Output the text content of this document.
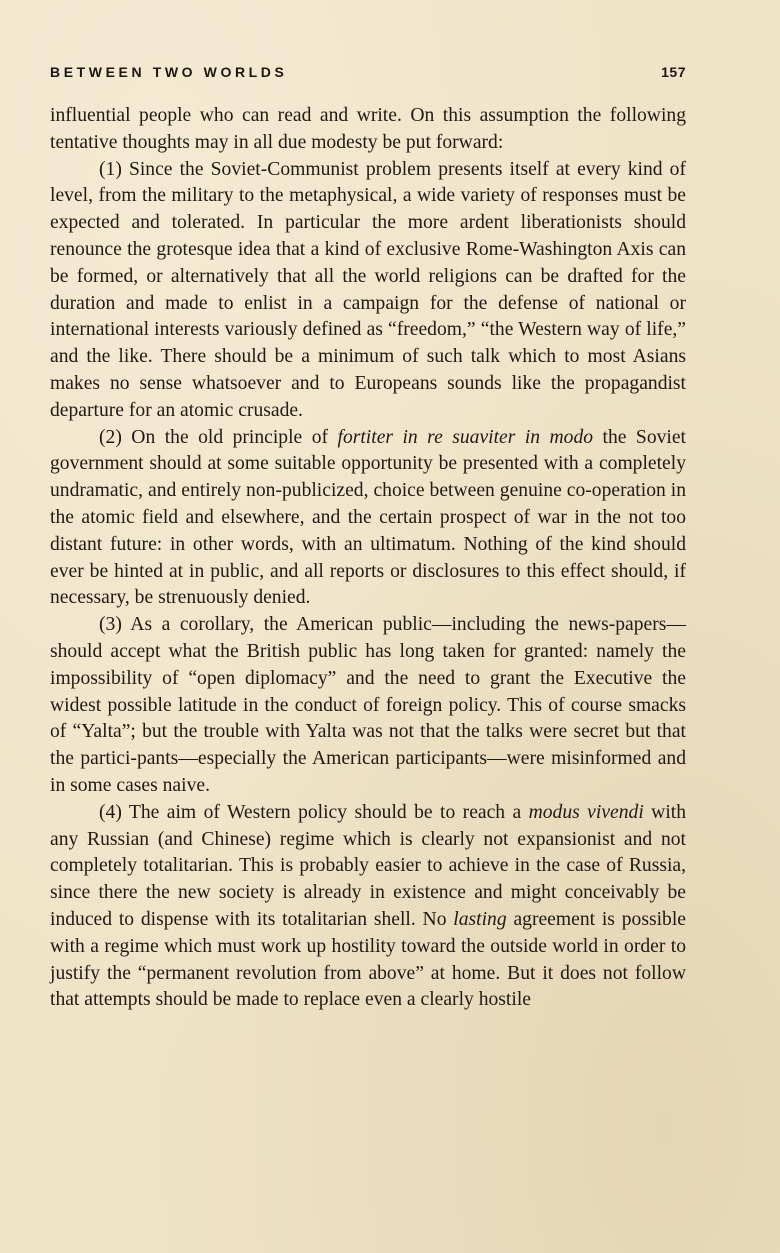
BETWEEN TWO WORLDS	157

influential people who can read and write. On this assumption the following tentative thoughts may in all due modesty be put forward:

(1) Since the Soviet-Communist problem presents itself at every kind of level, from the military to the metaphysical, a wide variety of responses must be expected and tolerated. In particular the more ardent liberationists should renounce the grotesque idea that a kind of exclusive Rome-Washington Axis can be formed, or alternatively that all the world religions can be drafted for the duration and made to enlist in a campaign for the defense of national or international interests variously defined as “freedom,” “the Western way of life,” and the like. There should be a minimum of such talk which to most Asians makes no sense whatsoever and to Europeans sounds like the propagandist departure for an atomic crusade.

(2) On the old principle of fortiter in re suaviter in modo the Soviet government should at some suitable opportunity be presented with a completely undramatic, and entirely non-publicized, choice between genuine co-operation in the atomic field and elsewhere, and the certain prospect of war in the not too distant future: in other words, with an ultimatum. Nothing of the kind should ever be hinted at in public, and all reports or disclosures to this effect should, if necessary, be strenuously denied.

(3) As a corollary, the American public—including the news-papers—should accept what the British public has long taken for granted: namely the impossibility of “open diplomacy” and the need to grant the Executive the widest possible latitude in the conduct of foreign policy. This of course smacks of “Yalta”; but the trouble with Yalta was not that the talks were secret but that the partici-pants—especially the American participants—were misinformed and in some cases naive.

(4) The aim of Western policy should be to reach a modus vivendi with any Russian (and Chinese) regime which is clearly not expansionist and not completely totalitarian. This is probably easier to achieve in the case of Russia, since there the new society is already in existence and might conceivably be induced to dispense with its totalitarian shell. No lasting agreement is possible with a regime which must work up hostility toward the outside world in order to justify the “permanent revolution from above” at home. But it does not follow that attempts should be made to replace even a clearly hostile
